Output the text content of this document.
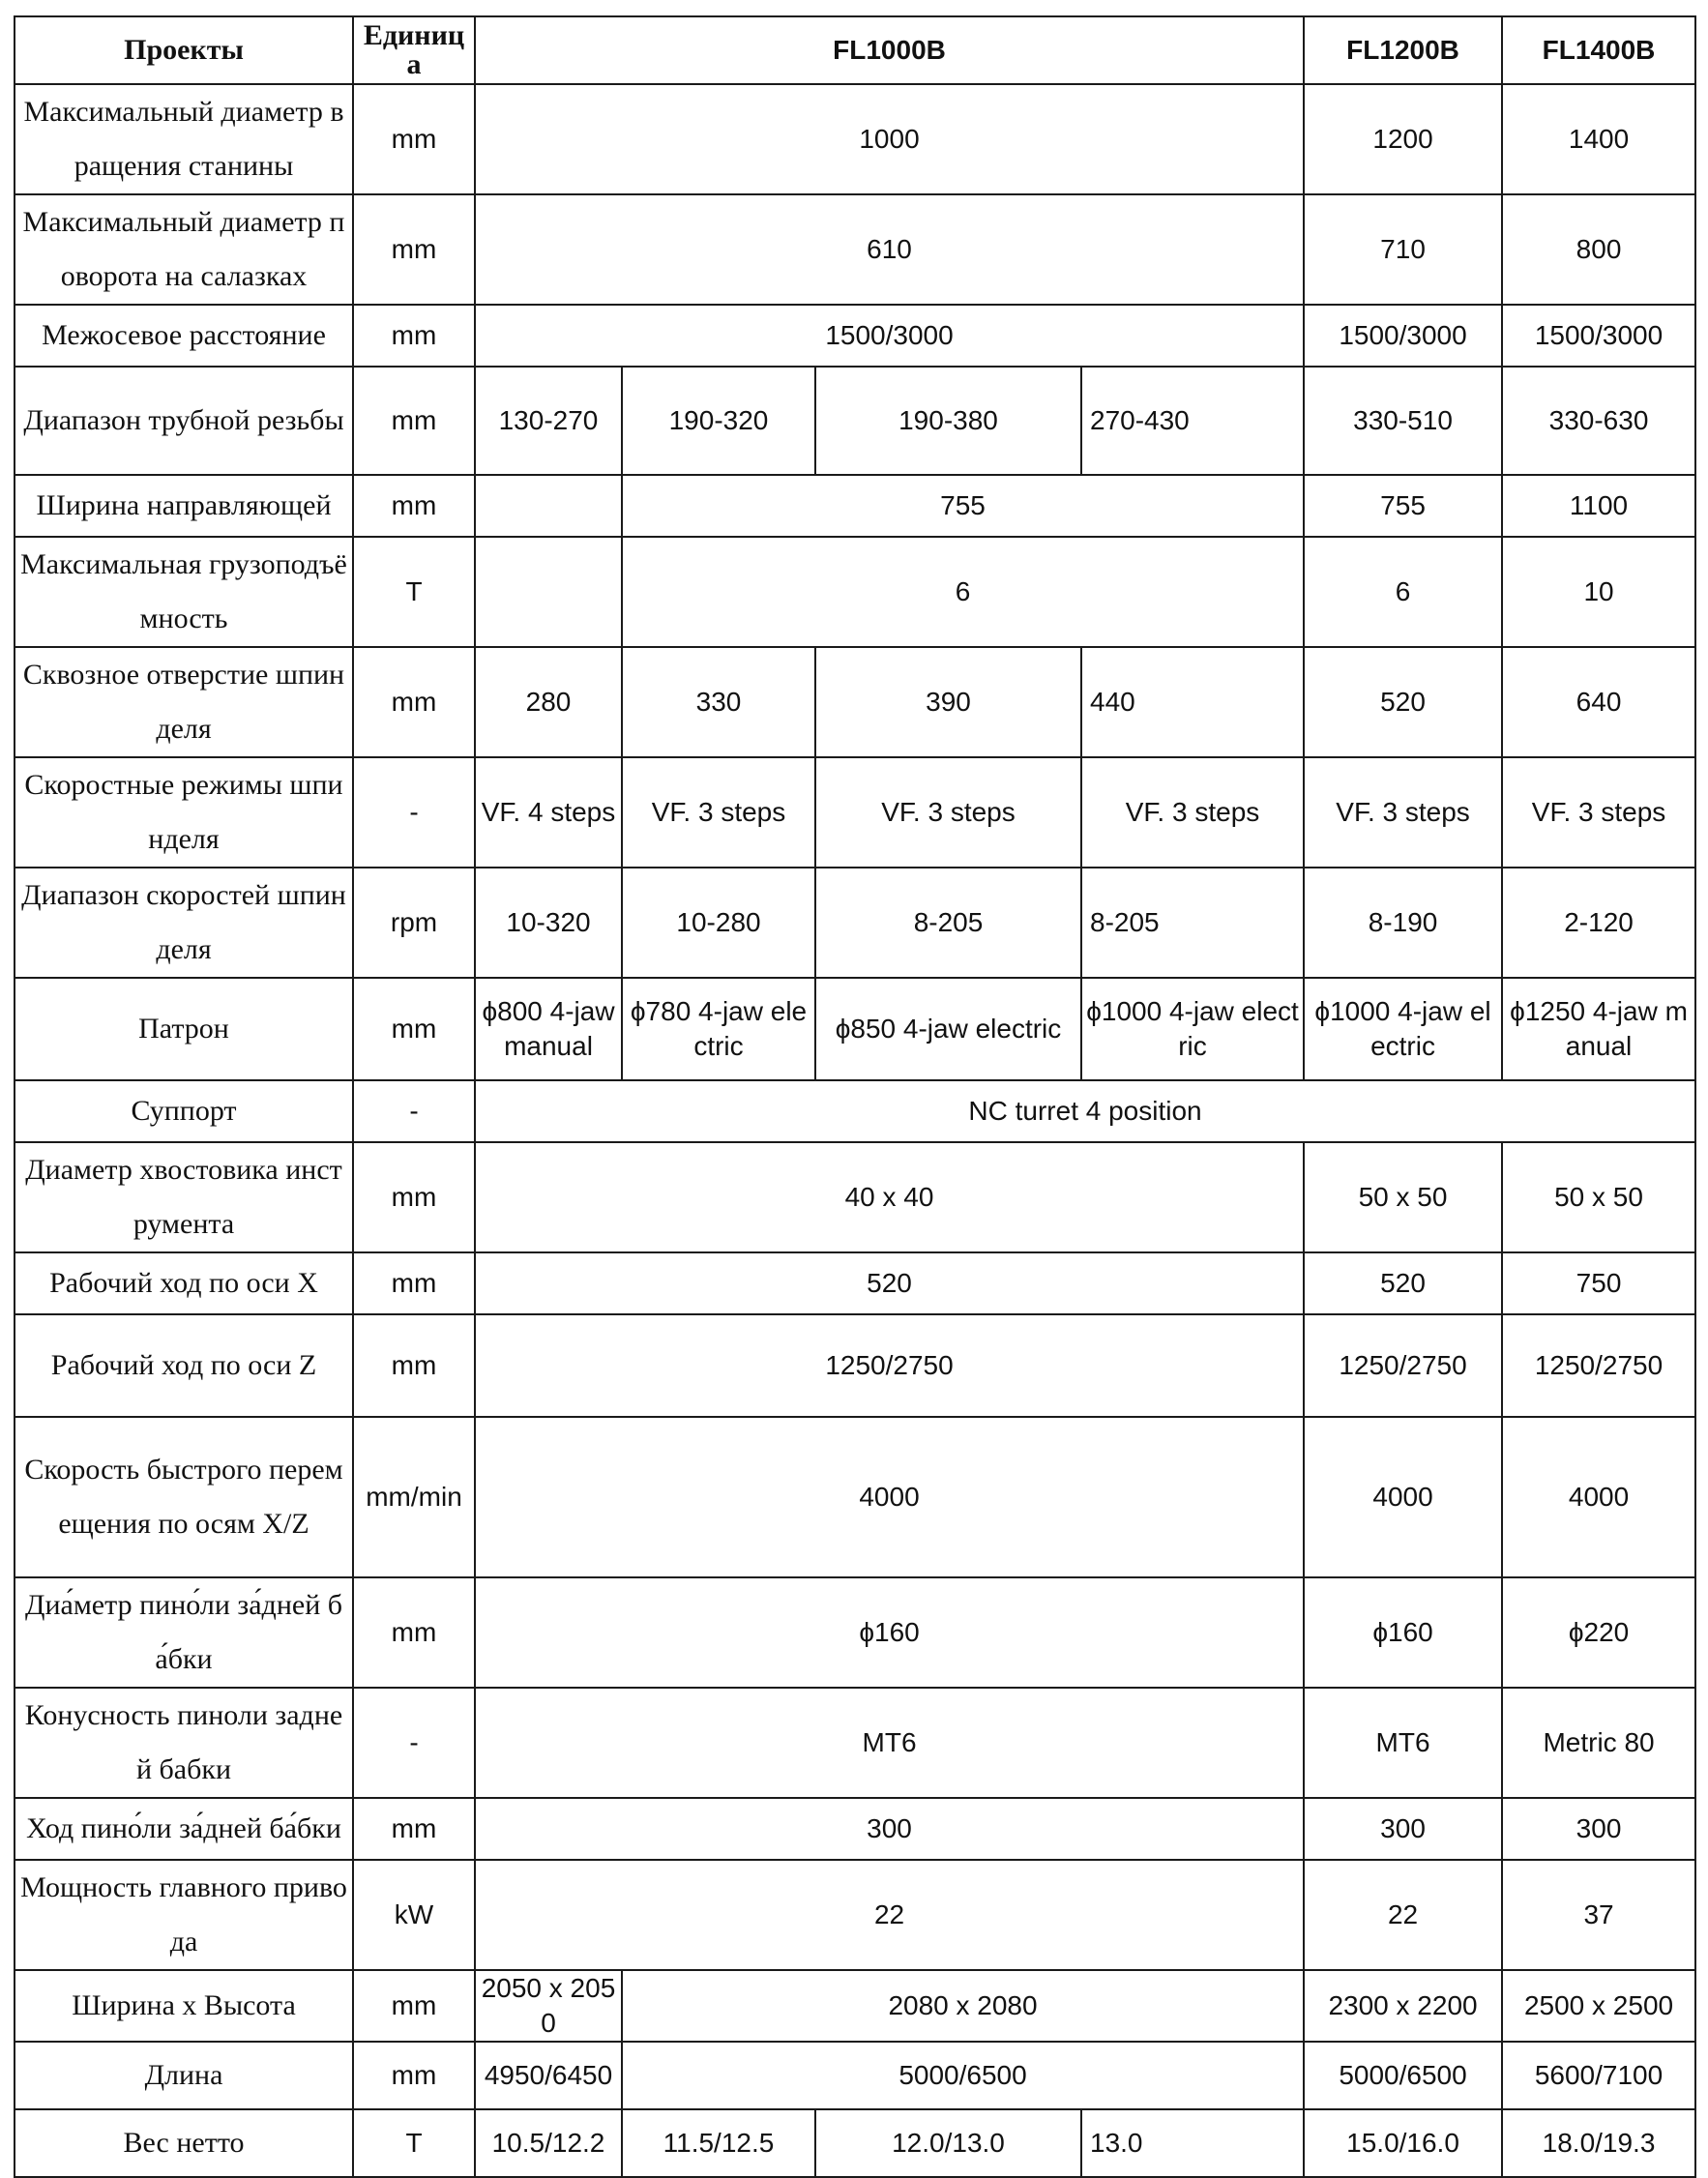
Проекты	Единица	FL1000B				FL1200B	FL1400B
Максимальный диаметр вращения станины	mm	1000				1200	1400
Максимальный диаметр поворота на салазках	mm	610				710	800
Межосевое расстояние	mm	1500/3000				1500/3000	1500/3000
Диапазон трубной резьбы	mm	130-270	190-320	190-380	270-430	330-510	330-630
Ширина направляющей	mm		755			755	1100
Максимальная грузоподъёмность	T		6			6	10
Сквозное отверстие шпинделя	mm	280	330	390	440	520	640
Скоростные режимы шпинделя	-	VF. 4 steps	VF. 3 steps	VF. 3 steps	VF. 3 steps	VF. 3 steps	VF. 3 steps
Диапазон скоростей шпинделя	rpm	10-320	10-280	8-205	8-205	8-190	2-120
Патрон	mm	ϕ800 4-jaw manual	ϕ780 4-jaw electric	ϕ850 4-jaw electric	ϕ1000 4-jaw electric	ϕ1000 4-jaw electric	ϕ1250 4-jaw manual
Суппорт	-	NC turret 4 position					
Диаметр хвостовика инструмента	mm	40 x 40				50 x 50	50 x 50
Рабочий ход по оси X	mm	520				520	750
Рабочий ход по оси Z	mm	1250/2750				1250/2750	1250/2750
Скорость быстрого перемещения по осям X/Z	mm/min	4000				4000	4000
Диа́метр пино́ли за́дней ба́бки	mm	ϕ160				ϕ160	ϕ220
Конусность пиноли задней бабки	-	MT6				MT6	Metric 80
Ход пино́ли за́дней ба́бки	mm	300				300	300
Мощность главного привода	kW	22				22	37
Ширина x Высота	mm	2050 x 2050	2080 x 2080			2300 x 2200	2500 x 2500
Длина	mm	4950/6450	5000/6500			5000/6500	5600/7100
Вес нетто	T	10.5/12.2	11.5/12.5	12.0/13.0	13.0	15.0/16.0	18.0/19.3
